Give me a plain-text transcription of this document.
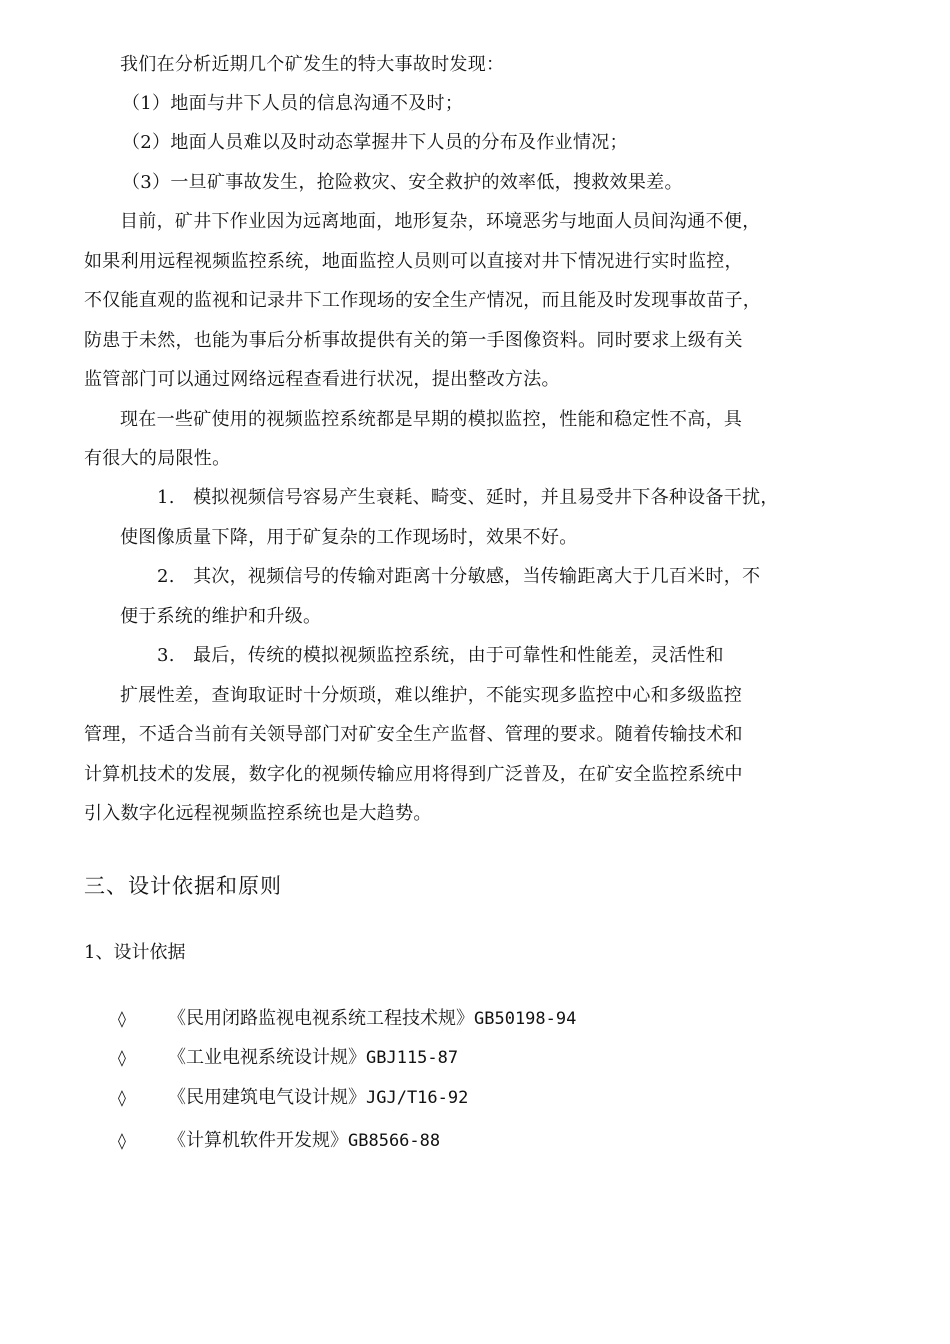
我们在分析近期几个矿发生的特大事故时发现：
（1）地面与井下人员的信息沟通不及时；
（2）地面人员难以及时动态掌握井下人员的分布及作业情况；
（3）一旦矿事故发生，抢险救灾、安全救护的效率低，搜救效果差。
目前，矿井下作业因为远离地面，地形复杂，环境恶劣与地面人员间沟通不便，
如果利用远程视频监控系统，地面监控人员则可以直接对井下情况进行实时监控，
不仅能直观的监视和记录井下工作现场的安全生产情况，而且能及时发现事故苗子，
防患于未然，也能为事后分析事故提供有关的第一手图像资料。同时要求上级有关
监管部门可以通过网络远程查看进行状况，提出整改方法。
现在一些矿使用的视频监控系统都是早期的模拟监控，性能和稳定性不高，具
有很大的局限性。
1.　模拟视频信号容易产生衰耗、畸变、延时，并且易受井下各种设备干扰，
使图像质量下降，用于矿复杂的工作现场时，效果不好。
2.　其次，视频信号的传输对距离十分敏感，当传输距离大于几百米时，不
便于系统的维护和升级。
3.　最后，传统的模拟视频监控系统，由于可靠性和性能差，灵活性和
扩展性差，查询取证时十分烦琐，难以维护，不能实现多监控中心和多级监控
管理，不适合当前有关领导部门对矿安全生产监督、管理的要求。随着传输技术和
计算机技术的发展，数字化的视频传输应用将得到广泛普及，在矿安全监控系统中
引入数字化远程视频监控系统也是大趋势。
三、设计依据和原则
1、设计依据
◊ 《民用闭路监视电视系统工程技术规》GB50198-94
◊ 《工业电视系统设计规》GBJ115-87
◊ 《民用建筑电气设计规》JGJ/T16-92
◊ 《计算机软件开发规》GB8566-88
